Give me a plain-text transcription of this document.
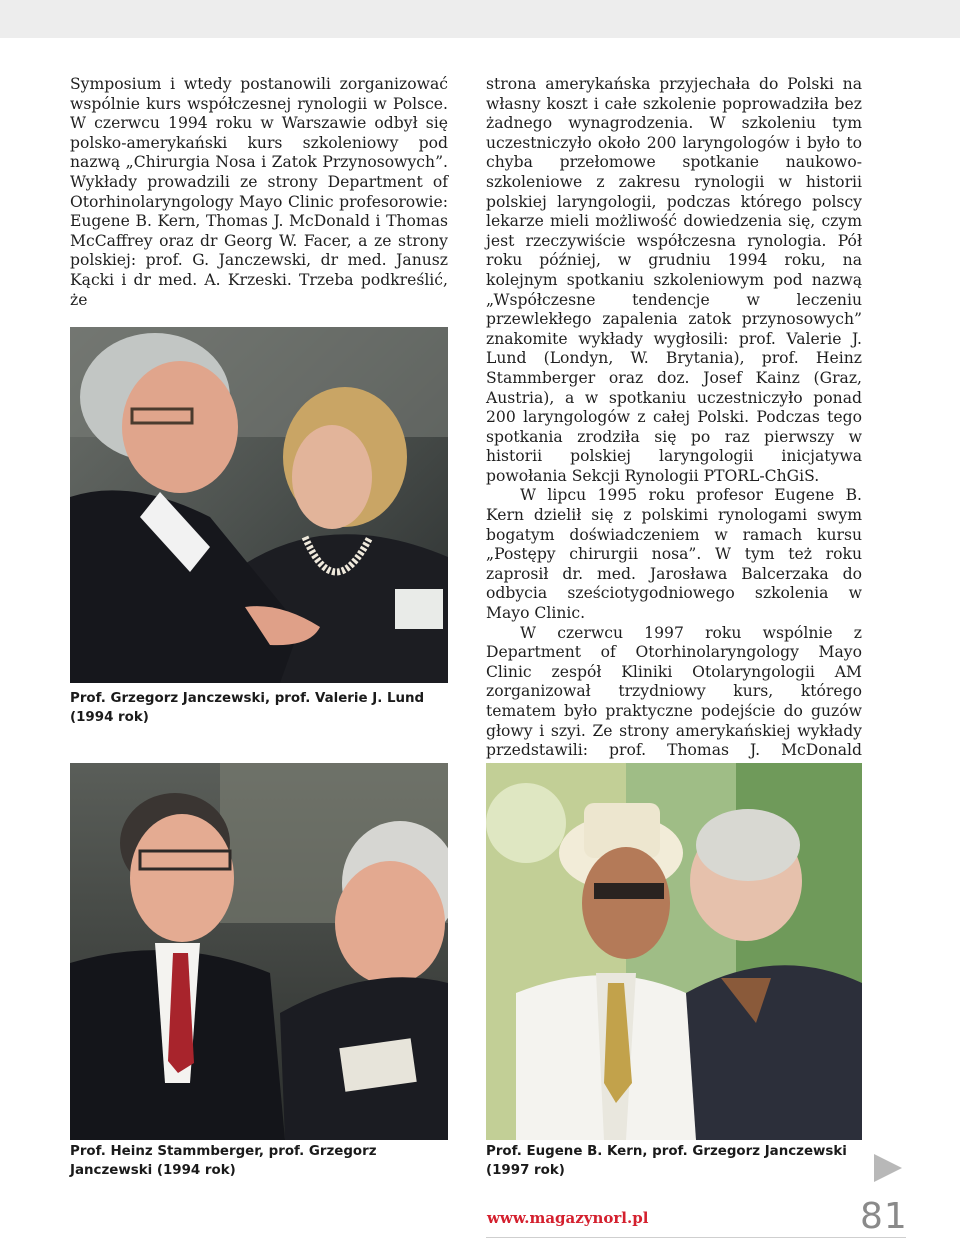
Symposium i wtedy postanowili zorganizować wspólnie kurs współczesnej rynologii w Polsce. W czerwcu 1994 roku w Warszawie odbył się polsko-amerykański kurs szkoleniowy pod nazwą „Chirurgia Nosa i Zatok Przynosowych”. Wykłady prowadzili ze strony Department of Otorhinolaryngology Mayo Clinic profesorowie: Eugene B. Kern, Thomas J. McDonald i Thomas McCaffrey oraz dr Georg W. Facer, a ze strony polskiej: prof. G. Janczewski, dr med. Janusz Kącki i dr med. A. Krzeski. Trzeba podkreślić, że

strona amerykańska przyjechała do Polski na własny koszt i całe szkolenie poprowadziła bez żadnego wynagrodzenia. W szkoleniu tym uczestniczyło około 200 laryngologów i było to chyba przełomowe spotkanie naukowo-szkoleniowe z zakresu rynologii w historii polskiej laryngologii, podczas którego polscy lekarze mieli możliwość dowiedzenia się, czym jest rzeczywiście współczesna rynologia. Pół roku później, w grudniu 1994 roku, na kolejnym spotkaniu szkoleniowym pod nazwą „Współczesne tendencje w leczeniu przewlekłego zapalenia zatok przynosowych” znakomite wykłady wygłosili: prof. Valerie J. Lund (Londyn, W. Brytania), prof. Heinz Stammberger oraz doz. Josef Kainz (Graz, Austria), a w spotkaniu uczestniczyło ponad 200 laryngologów z całej Polski. Podczas tego spotkania zrodziła się po raz pierwszy w historii polskiej laryngologii inicjatywa powołania Sekcji Rynologii PTORL-ChGiS.

W lipcu 1995 roku profesor Eugene B. Kern dzielił się z polskimi rynologami swym bogatym doświadczeniem w ramach kursu „Postępy chirurgii nosa”. W tym też roku zaprosił dr. med. Jarosława Balcerzaka do odbycia sześciotygodniowego szkolenia w Mayo Clinic.

W czerwcu 1997 roku wspólnie z Department of Otorhinolaryngology Mayo Clinic zespół Kliniki Otolaryngologii AM zorganizował trzydniowy kurs, którego tematem było praktyczne podejście do guzów głowy i szyi. Ze strony amerykańskiej wykłady przedstawili: prof. Thomas J. McDonald

Prof. Grzegorz Janczewski, prof. Valerie J. Lund (1994 rok)

Prof. Heinz Stammberger, prof. Grzegorz Janczewski (1994 rok)

Prof. Eugene B. Kern, prof. Grzegorz Janczewski (1997 rok)

www.magazynorl.pl	81
